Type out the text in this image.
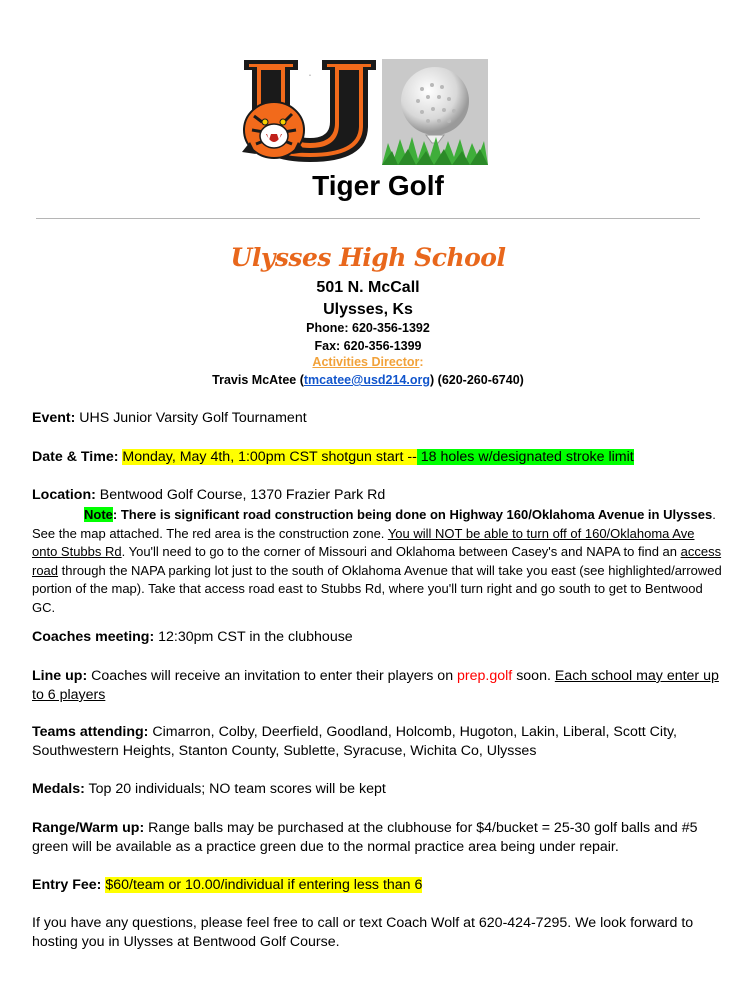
U
Tiger Golf
Ulysses High School
501 N. McCall
Ulysses, Ks
Phone: 620-356-1392
Fax: 620-356-1399
Activities Director:
Travis McAtee (tmcatee@usd214.org) (620-260-6740)
Event: UHS Junior Varsity Golf Tournament
Date & Time: Monday, May 4th, 1:00pm CST shotgun start -- 18 holes w/designated stroke limit
Location: Bentwood Golf Course, 1370 Frazier Park Rd
Note: There is significant road construction being done on Highway 160/Oklahoma Avenue in Ulysses. See the map attached. The red area is the construction zone. You will NOT be able to turn off of 160/Oklahoma Ave onto Stubbs Rd. You'll need to go to the corner of Missouri and Oklahoma between Casey's and NAPA to find an access road through the NAPA parking lot just to the south of Oklahoma Avenue that will take you east (see highlighted/arrowed portion of the map). Take that access road east to Stubbs Rd, where you'll turn right and go south to get to Bentwood GC.
Coaches meeting: 12:30pm CST in the clubhouse
Line up: Coaches will receive an invitation to enter their players on prep.golf soon. Each school may enter up to 6 players
Teams attending: Cimarron, Colby, Deerfield, Goodland, Holcomb, Hugoton, Lakin, Liberal, Scott City, Southwestern Heights, Stanton County, Sublette, Syracuse, Wichita Co, Ulysses
Medals: Top 20 individuals; NO team scores will be kept
Range/Warm up: Range balls may be purchased at the clubhouse for $4/bucket = 25-30 golf balls and #5 green will be available as a practice green due to the normal practice area being under repair.
Entry Fee: $60/team or 10.00/individual if entering less than 6
If you have any questions, please feel free to call or text Coach Wolf at 620-424-7295. We look forward to hosting you in Ulysses at Bentwood Golf Course.
